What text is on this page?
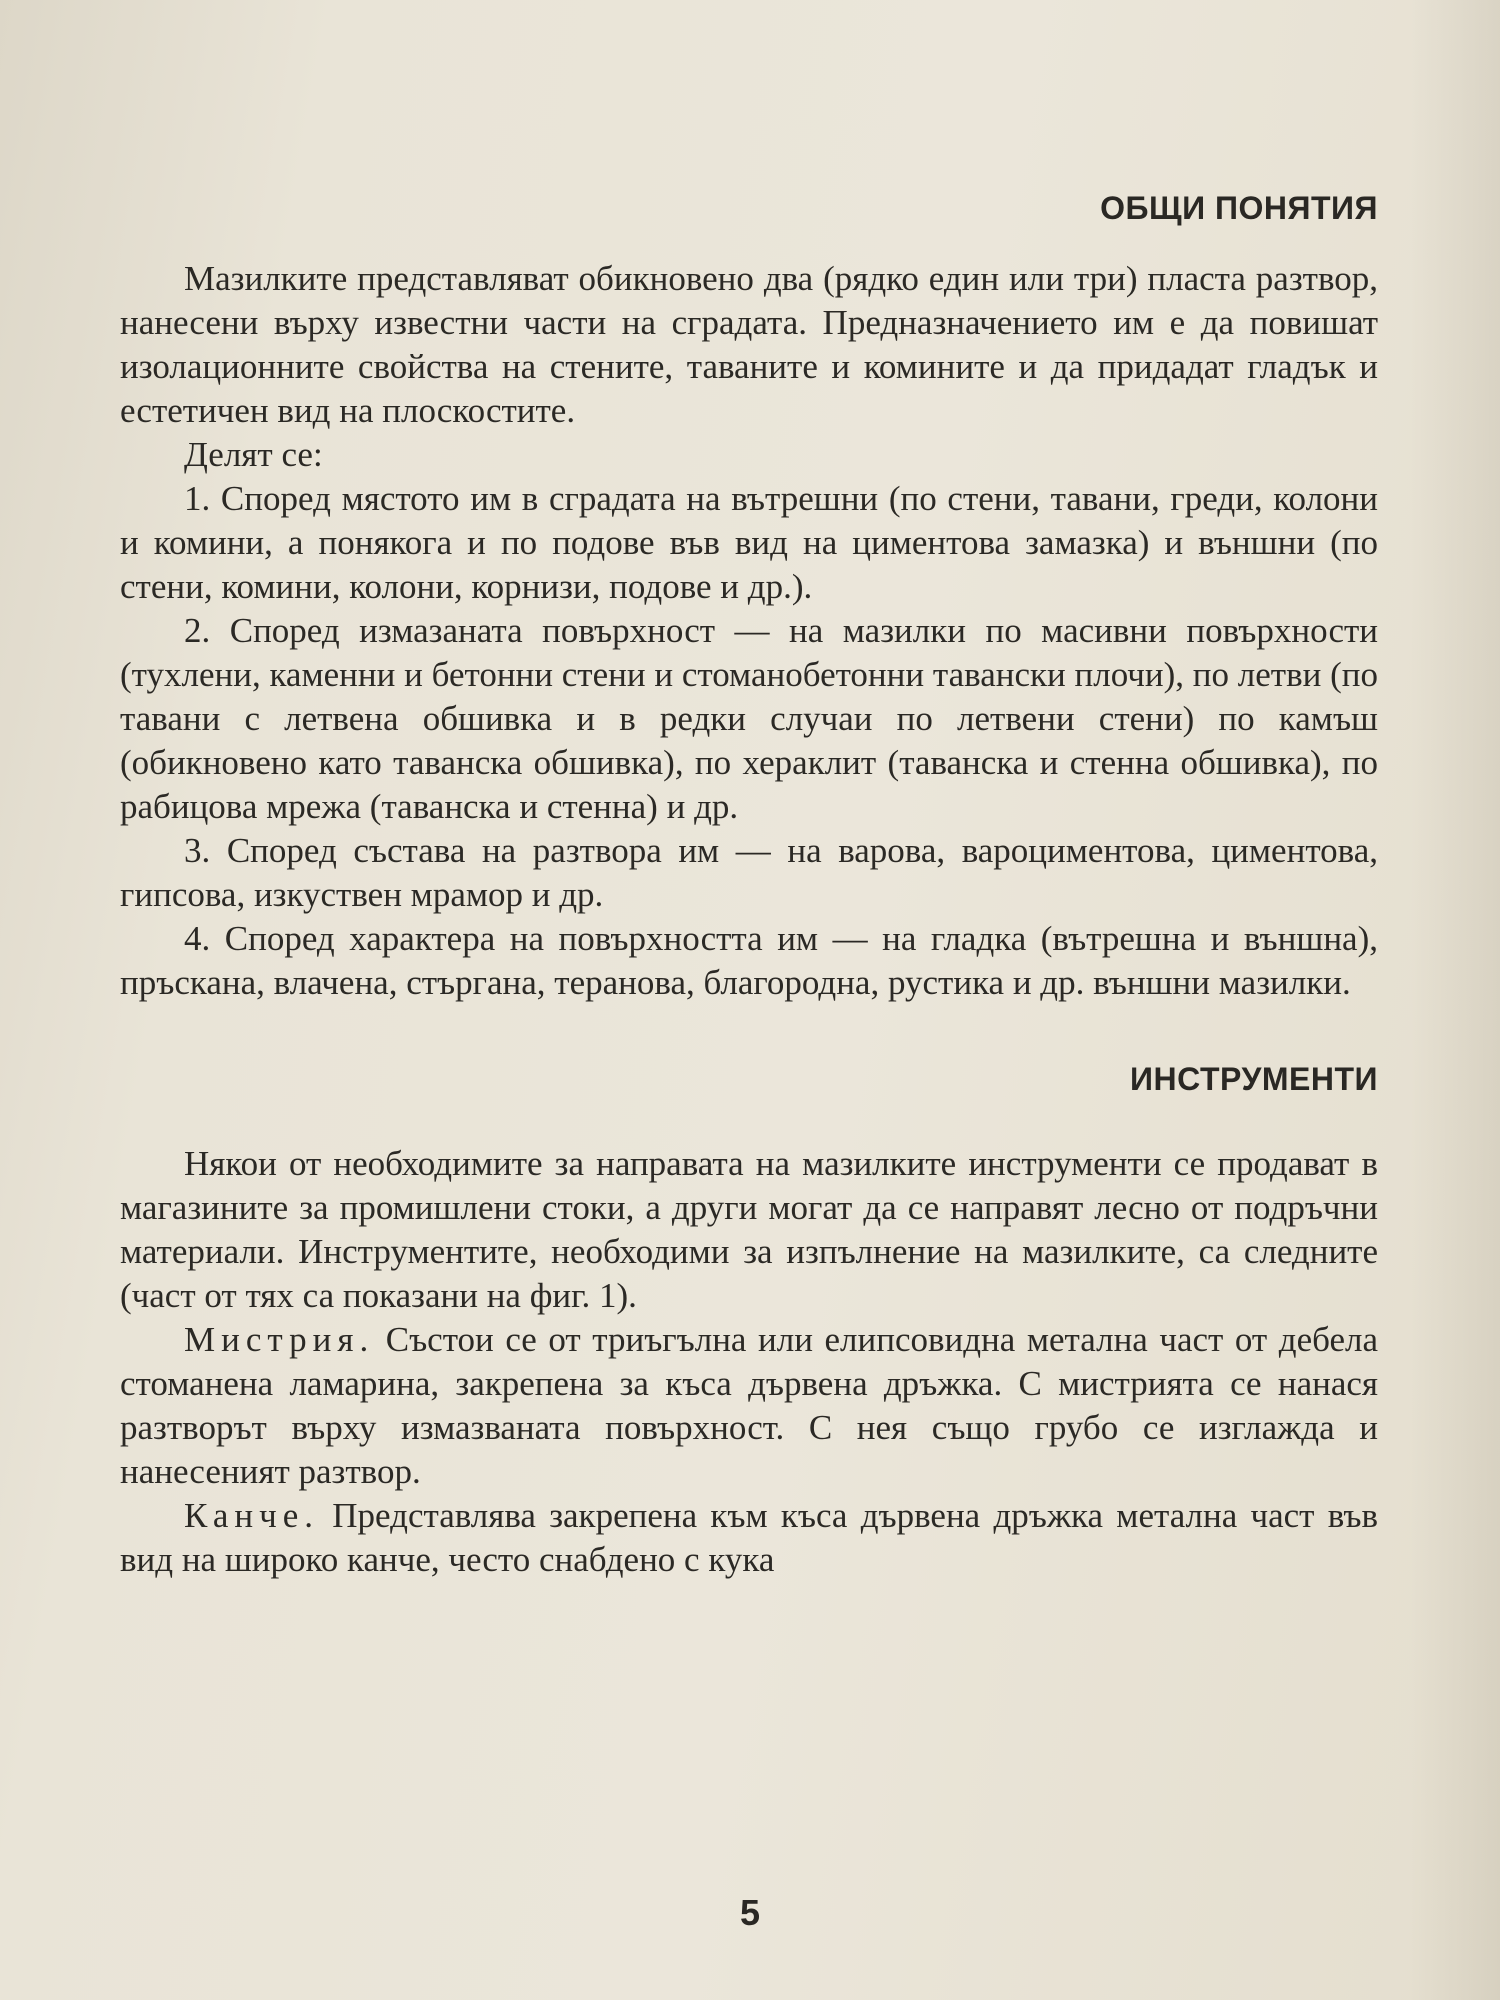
ОБЩИ ПОНЯТИЯ

Мазилките представляват обикновено два (рядко един или три) пласта разтвор, нанесени върху известни части на сградата. Предназначението им е да повишат изолационните свойства на стените, таваните и комините и да придадат гладък и естетичен вид на плоскостите.

Делят се:

1. Според мястото им в сградата на вътрешни (по стени, тавани, греди, колони и комини, а понякога и по подове във вид на циментова замазка) и външни (по стени, комини, колони, корнизи, подове и др.).

2. Според измазаната повърхност — на мазилки по масивни повърхности (тухлени, каменни и бетонни стени и стоманобетонни тавански плочи), по летви (по тавани с летвена обшивка и в редки случаи по летвени стени) по камъш (обикновено като таванска обшивка), по хераклит (таванска и стенна обшивка), по рабицова мрежа (таванска и стенна) и др.

3. Според състава на разтвора им — на варова, вароциментова, циментова, гипсова, изкуствен мрамор и др.

4. Според характера на повърхността им — на гладка (вътрешна и външна), пръскана, влачена, стъргана, теранова, благородна, рустика и др. външни мазилки.

ИНСТРУМЕНТИ

Някои от необходимите за направата на мазилките инструменти се продават в магазините за промишлени стоки, а други могат да се направят лесно от подръчни материали. Инструментите, необходими за изпълнение на мазилките, са следните (част от тях са показани на фиг. 1).

Мистрия. Състои се от триъгълна или елипсовидна метална част от дебела стоманена ламарина, закрепена за къса дървена дръжка. С мистрията се нанася разтворът върху измазваната повърхност. С нея също грубо се изглажда и нанесеният разтвор.

Канче. Представлява закрепена към къса дървена дръжка метална част във вид на широко канче, често снабдено с кука

5
